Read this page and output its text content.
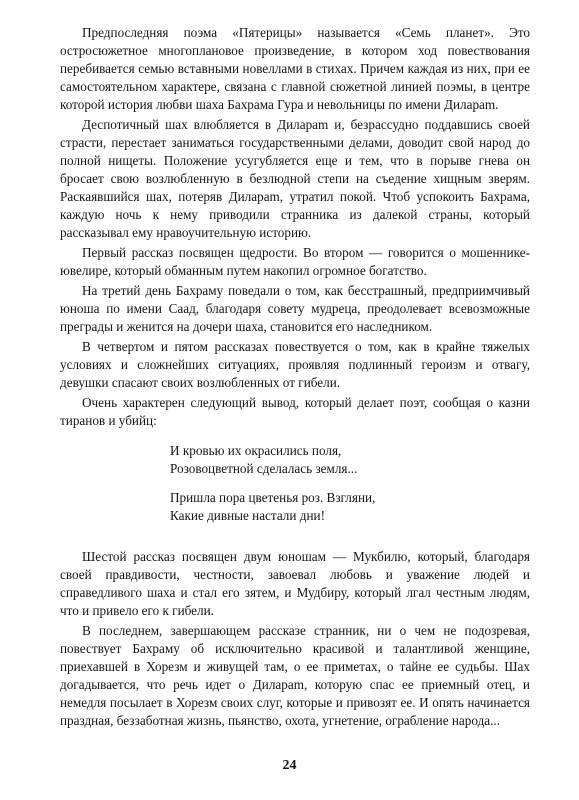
Предпоследняя поэма «Пятерицы» называется «Семь планет». Это остросюжетное многоплановое произведение, в котором ход повествования перебивается семью вставными новеллами в стихах. Причем каждая из них, при ее самостоятельном характере, связана с главной сюжетной линией поэмы, в центре которой история любви шаха Бахрама Гура и невольницы по имени Дилараm.

Деспотичный шах влюбляется в Дилараm и, безрассудно поддавшись своей страсти, перестает заниматься государственными делами, доводит свой народ до полной нищеты. Положение усугубляется еще и тем, что в порыве гнева он бросает свою возлюбленную в безлюдной степи на съедение хищным зверям. Раскаявшийся шах, потеряв Дилараm, утратил покой. Чтоб успокоить Бахрама, каждую ночь к нему приводили странника из далекой страны, который рассказывал ему нравоучительную историю.

Первый рассказ посвящен щедрости. Во втором — говорится о мошеннике-ювелире, который обманным путем накопил огромное богатство.

На третий день Бахраму поведали о том, как бесстрашный, предприимчивый юноша по имени Саад, благодаря совету мудреца, преодолевает всевозможные преграды и женится на дочери шаха, становится его наследником.

В четвертом и пятом рассказах повествуется о том, как в крайне тяжелых условиях и сложнейших ситуациях, проявляя подлинный героизм и отвагу, девушки спасают своих возлюбленных от гибели.

Очень характерен следующий вывод, который делает поэт, сообщая о казни тиранов и убийц:

И кровью их окрасились поля,
Розовоцветной сделалась земля...
Пришла пора цветенья роз. Взгляни,
Какие дивные настали дни!

Шестой рассказ посвящен двум юношам — Мукбилю, который, благодаря своей правдивости, честности, завоевал любовь и уважение людей и справедливого шаха и стал его зятем, и Мудбиру, который лгал честным людям, что и привело его к гибели.

В последнем, завершающем рассказе странник, ни о чем не подозревая, повествует Бахраму об исключительно красивой и талантливой женщине, приехавшей в Хорезм и живущей там, о ее приметах, о тайне ее судьбы. Шах догадывается, что речь идет о Дилараm, которую спас ее приемный отец, и немедля посылает в Хорезм своих слуг, которые и привозят ее. И опять начинается праздная, беззаботная жизнь, пьянство, охота, угнетение, ограбление народа...

24
